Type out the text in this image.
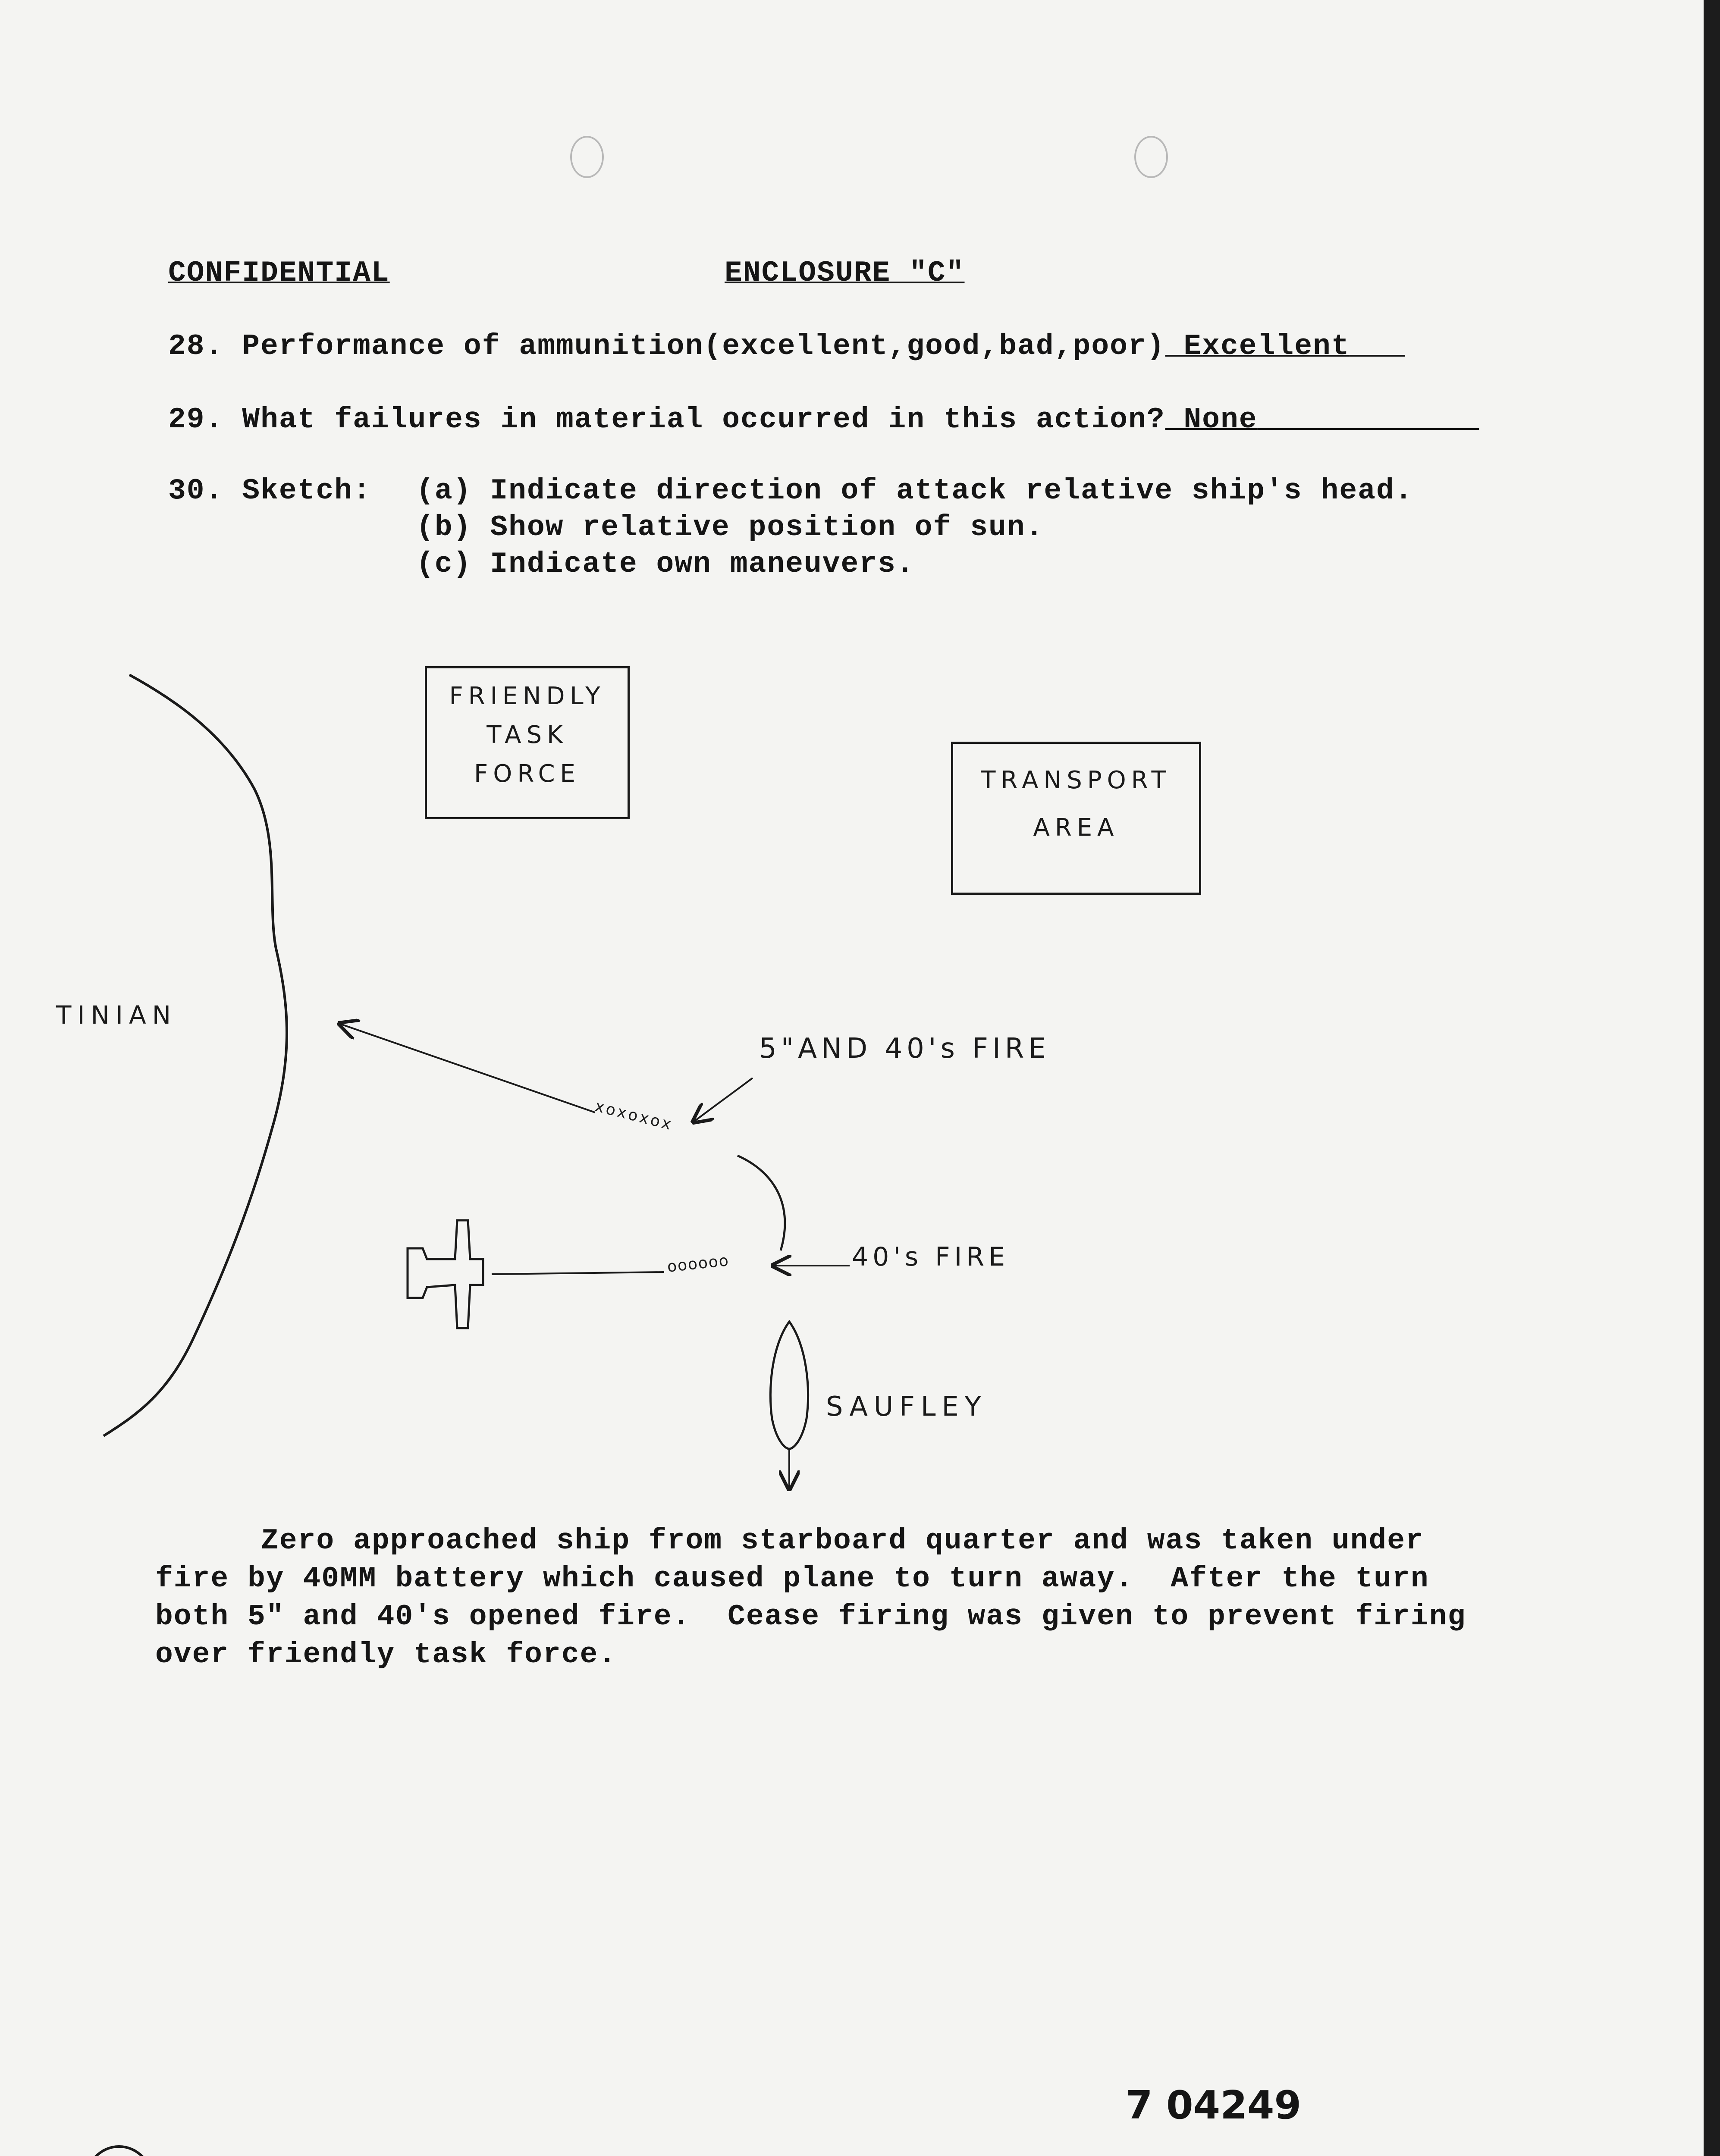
CONFIDENTIAL	ENCLOSURE "C"
28. Performance of ammunition(excellent,good,bad,poor) Excellent
29. What failures in material occurred in this action? None
30. Sketch: (a) Indicate direction of attack relative ship's head.
(b) Show relative position of sun.
(c) Indicate own maneuvers.
FRIENDLY
TASK
FORCE	TRANSPORT
AREA
TINIAN
5"AND 40's FIRE
40's FIRE
SAUFLEY
xoxoxox
oooooo
Zero approached ship from starboard quarter and was taken under
fire by 40MM battery which caused plane to turn away.  After the turn
both 5" and 40's opened fire.  Cease firing was given to prevent firing
over friendly task force.
7 04249
